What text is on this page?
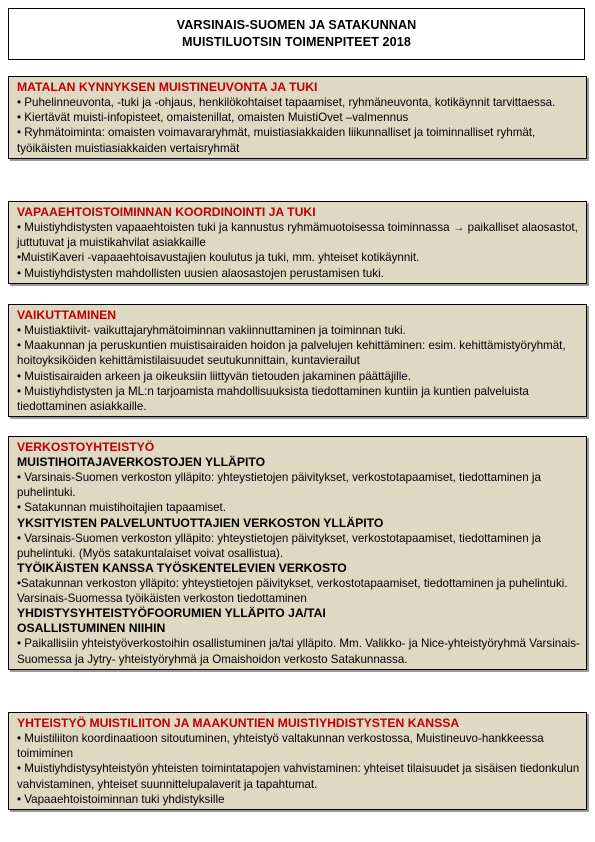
VARSINAIS-SUOMEN JA SATAKUNNAN
MUISTILUOTSIN TOIMENPITEET 2018
MATALAN KYNNYKSEN MUISTINEUVONTA JA TUKI
• Puhelinneuvonta, -tuki ja -ohjaus, henkilökohtaiset tapaamiset, ryhmäneuvonta, kotikäynnit tarvittaessa.
• Kiertävät muisti-infopisteet, omaistenillat, omaisten MuistiOvet –valmennus
• Ryhmätoiminta: omaisten voimavararyhmät, muistiasiakkaiden liikunnalliset ja toiminnalliset ryhmät, työikäisten muistiasiakkaiden vertaisryhmät
VAPAAEHTOISTOIMINNAN KOORDINOINTI JA TUKI
• Muistiyhdistysten vapaaehtoisten tuki ja kannustus ryhmämuotoisessa toiminnassa → paikalliset alaosastot, juttutuvat ja muistikahvilat asiakkaille
•MuistiKaveri -vapaaehtoisavustajien koulutus ja tuki, mm. yhteiset kotikäynnit.
• Muistiyhdistysten mahdollisten uusien alaosastojen perustamisen tuki.
VAIKUTTAMINEN
• Muistiaktiivit- vaikuttajaryhmätoiminnan vakiinnuttaminen ja toiminnan tuki.
• Maakunnan ja peruskuntien muistisairaiden hoidon ja palvelujen kehittäminen: esim. kehittämistyöryhmät, hoitoyksiköiden kehittämistilaisuudet seutukunnittain, kuntavierailut
• Muistisairaiden arkeen ja oikeuksiin liittyvän tietouden jakaminen päättäjille.
• Muistiyhdistysten ja ML:n tarjoamista mahdollisuuksista tiedottaminen kuntiin ja kuntien palveluista tiedottaminen asiakkaille.
VERKOSTOYHTEISTYÖ
MUISTIHOITAJAVERKOSTOJEN YLLÄPITO
• Varsinais-Suomen verkoston ylläpito: yhteystietojen päivitykset, verkostotapaamiset, tiedottaminen ja puhelintuki.
• Satakunnan muistihoitajien tapaamiset.
YKSITYISTEN PALVELUNTUOTTAJIEN VERKOSTON YLLÄPITO
• Varsinais-Suomen verkoston ylläpito: yhteystietojen päivitykset, verkostotapaamiset, tiedottaminen ja puhelintuki. (Myös satakuntalaiset voivat osallistua).
TYÖIKÄISTEN KANSSA TYÖSKENTELEVIEN VERKOSTO
•Satakunnan verkoston ylläpito: yhteystietojen päivitykset, verkostotapaamiset, tiedottaminen ja puhelintuki. Varsinais-Suomessa työikäisten verkoston tiedottaminen
YHDISTYSYHTEISTYÖFOORUMIEN YLLÄPITO JA/TAI OSALLISTUMINEN NIIHIN
• Paikallisiin yhteistyöverkostoihin osallistuminen ja/tai ylläpito. Mm. Valikko- ja Nice-yhteistyöryhmä Varsinais-Suomessa ja Jytry- yhteistyöryhmä ja Omaishoidon verkosto Satakunnassa.
YHTEISTYÖ MUISTILIITON JA MAAKUNTIEN MUISTIYHDISTYSTEN KANSSA
• Muistiliiton koordinaatioon sitoutuminen, yhteistyö valtakunnan verkostossa, Muistineuvo-hankkeessa toimiminen
• Muistiyhdistysyhteistyön yhteisten toimintatapojen vahvistaminen: yhteiset tilaisuudet ja sisäisen tiedonkulun vahvistaminen, yhteiset suunnittelupalaverit ja tapahtumat.
• Vapaaehtoistoiminnan tuki yhdistyksille
